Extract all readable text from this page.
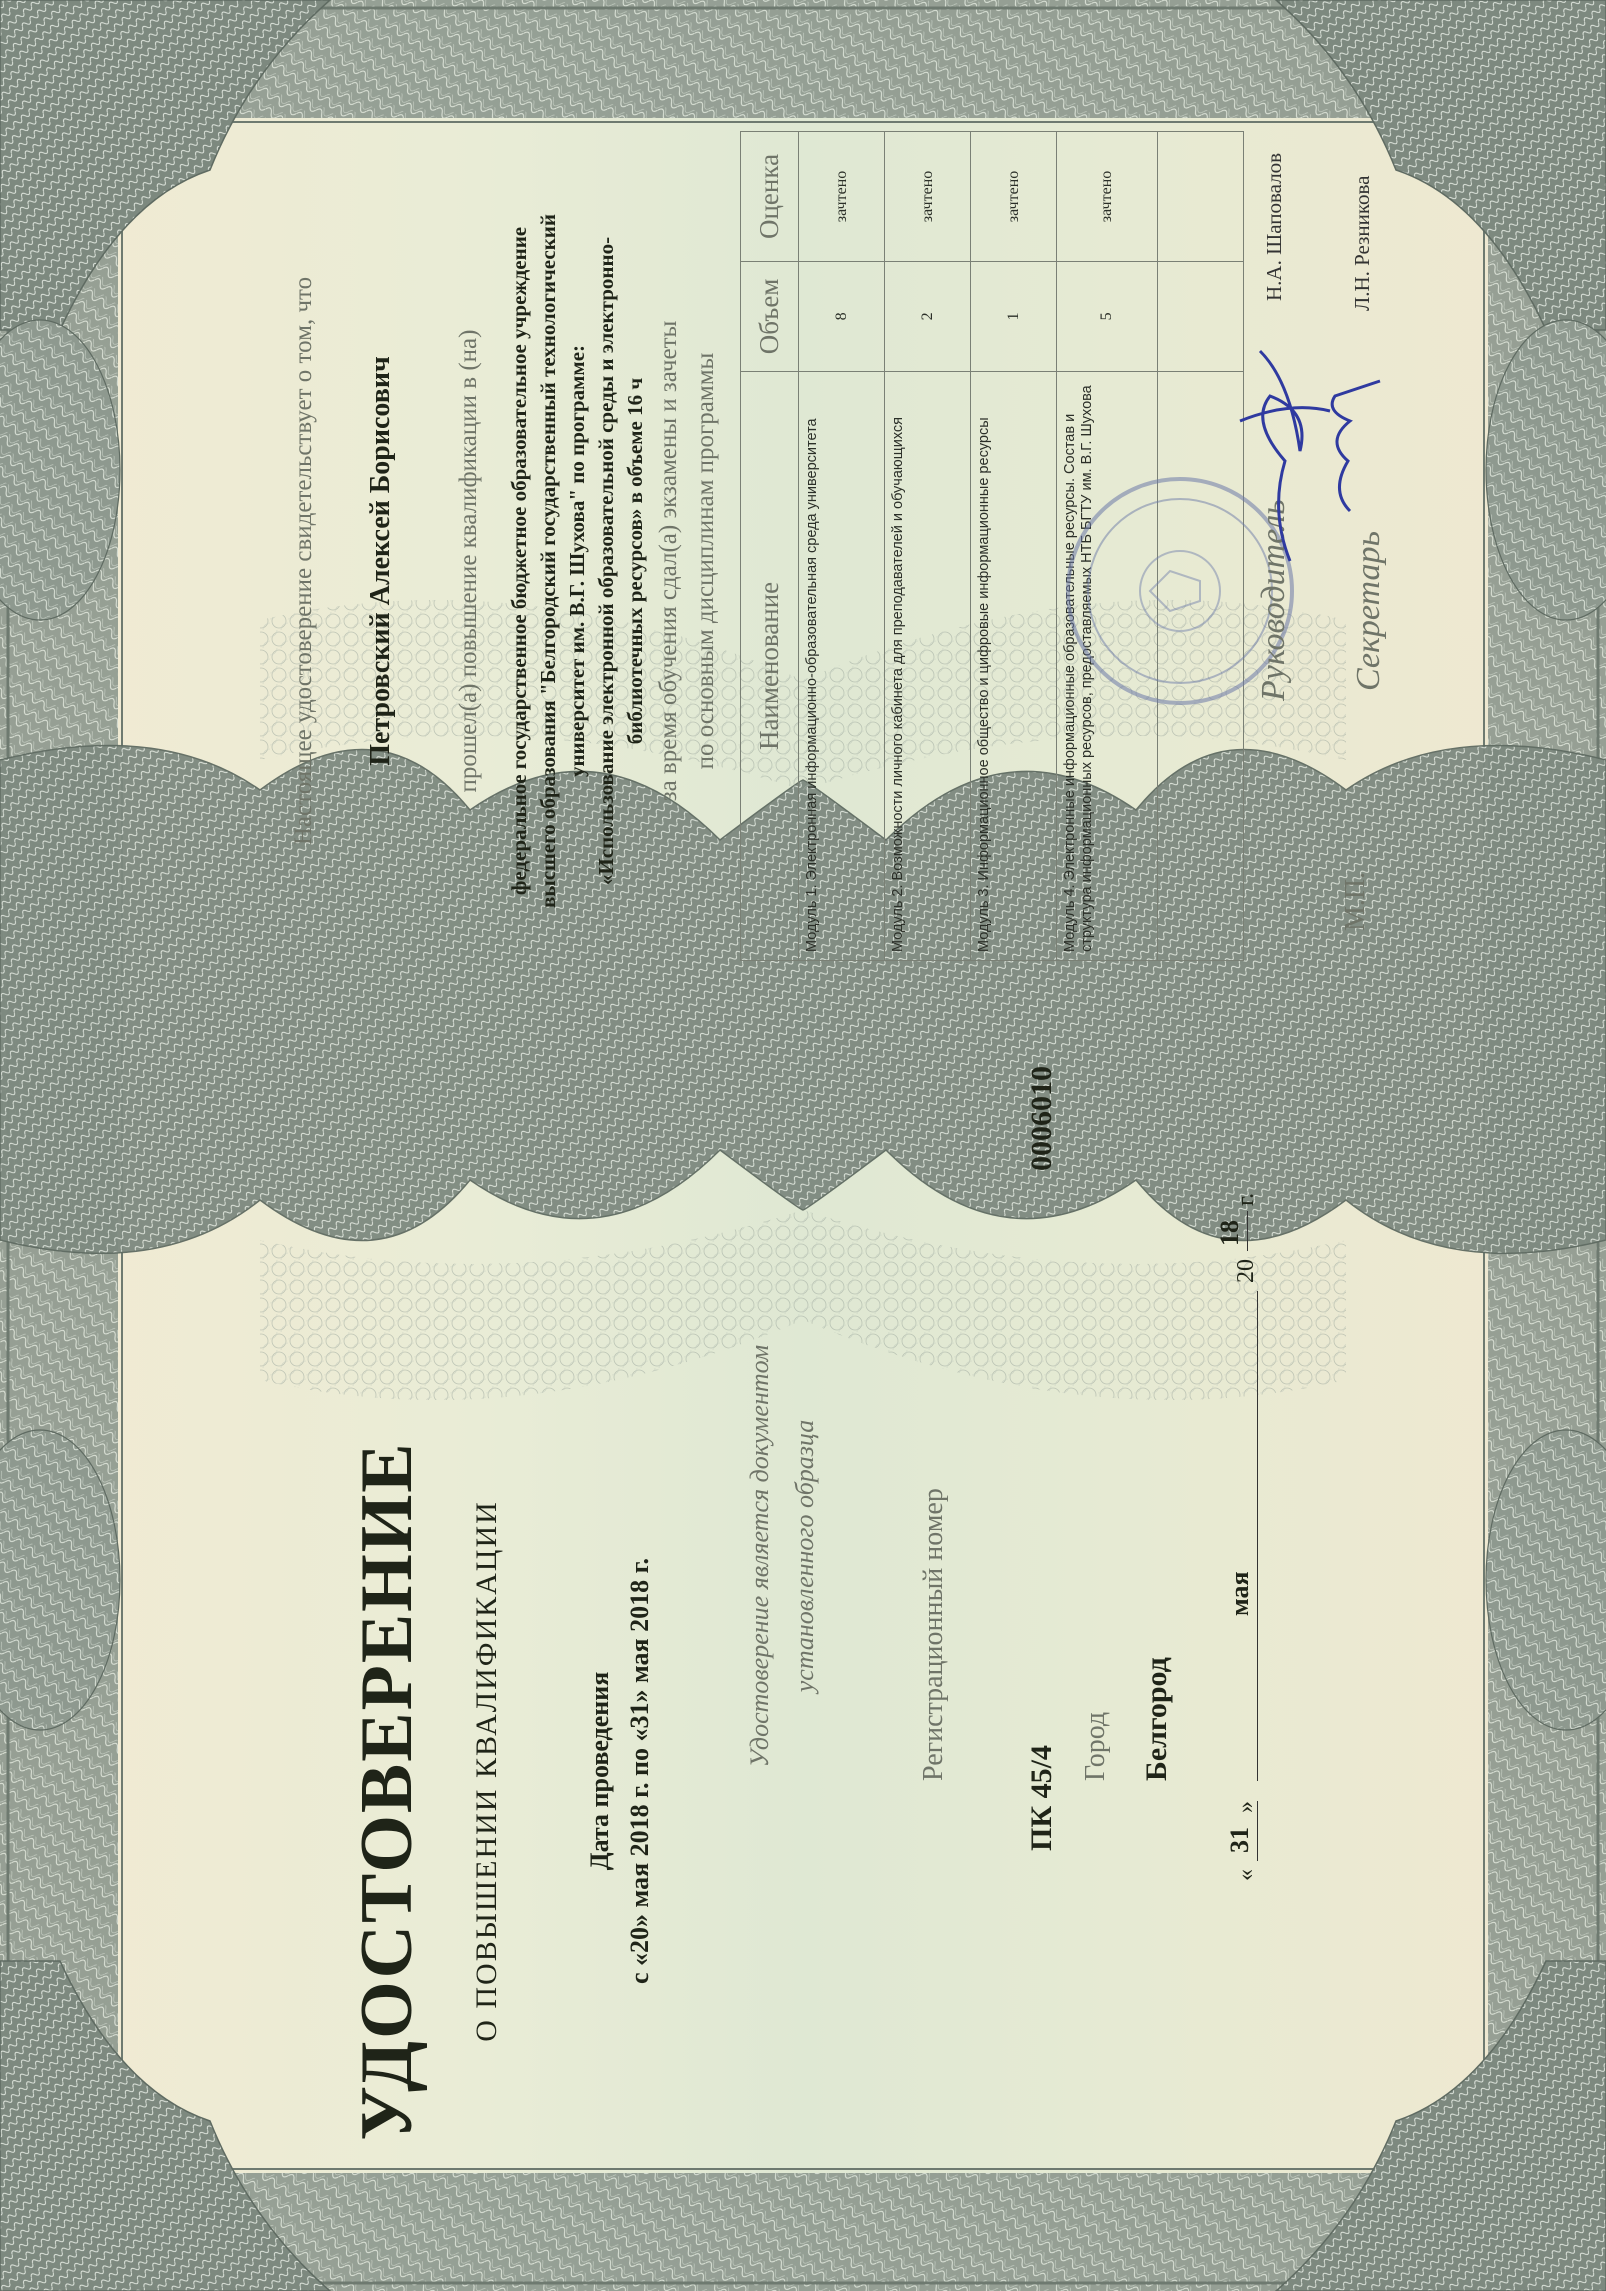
УДОСТОВЕРЕНИЕ О ПОВЫШЕНИИ КВАЛИФИКАЦИИ	Дата проведения с «20» мая 2018 г. по «31» мая 2018 г.
Удостоверение является документом установленного образца	Регистрационный номер
0006010
ПК 45/4 Город Белгород
«
31
»
мая
20
18
г.
Настоящее удостоверение свидетельствует о том, что Петровский Алексей Борисович прошел(а) повышение квалификации в (на) федеральное государственное бюджетное образовательное учреждение высшего образования "Белгородский государственный технологический университет им. В.Г. Шухова" по программе: «Использование электронной образовательной среды и электронно- библиотечных ресурсов» в объеме 16 ч за время обучения сдал(а) экзамены и зачеты по основным дисциплинам программы Наименование	Объем	Оценка
Модуль 1. Электронная информационно-образовательная среда университета	8	зачтено
Модуль 2. Возможности личного кабинета для преподавателей и обучающихся	2	зачтено
Модуль 3. Информационное общество и цифровые информационные ресурсы	1	зачтено
Модуль 4. Электронные информационные образовательные ресурсы. Состав и структура информационных ресурсов, предоставляемых НТБ БГТУ им. В.Г. Шухова	5	зачтено

Руководитель
Н.А. Шаповалов
Секретарь
Л.Н. Резникова
М.П.
